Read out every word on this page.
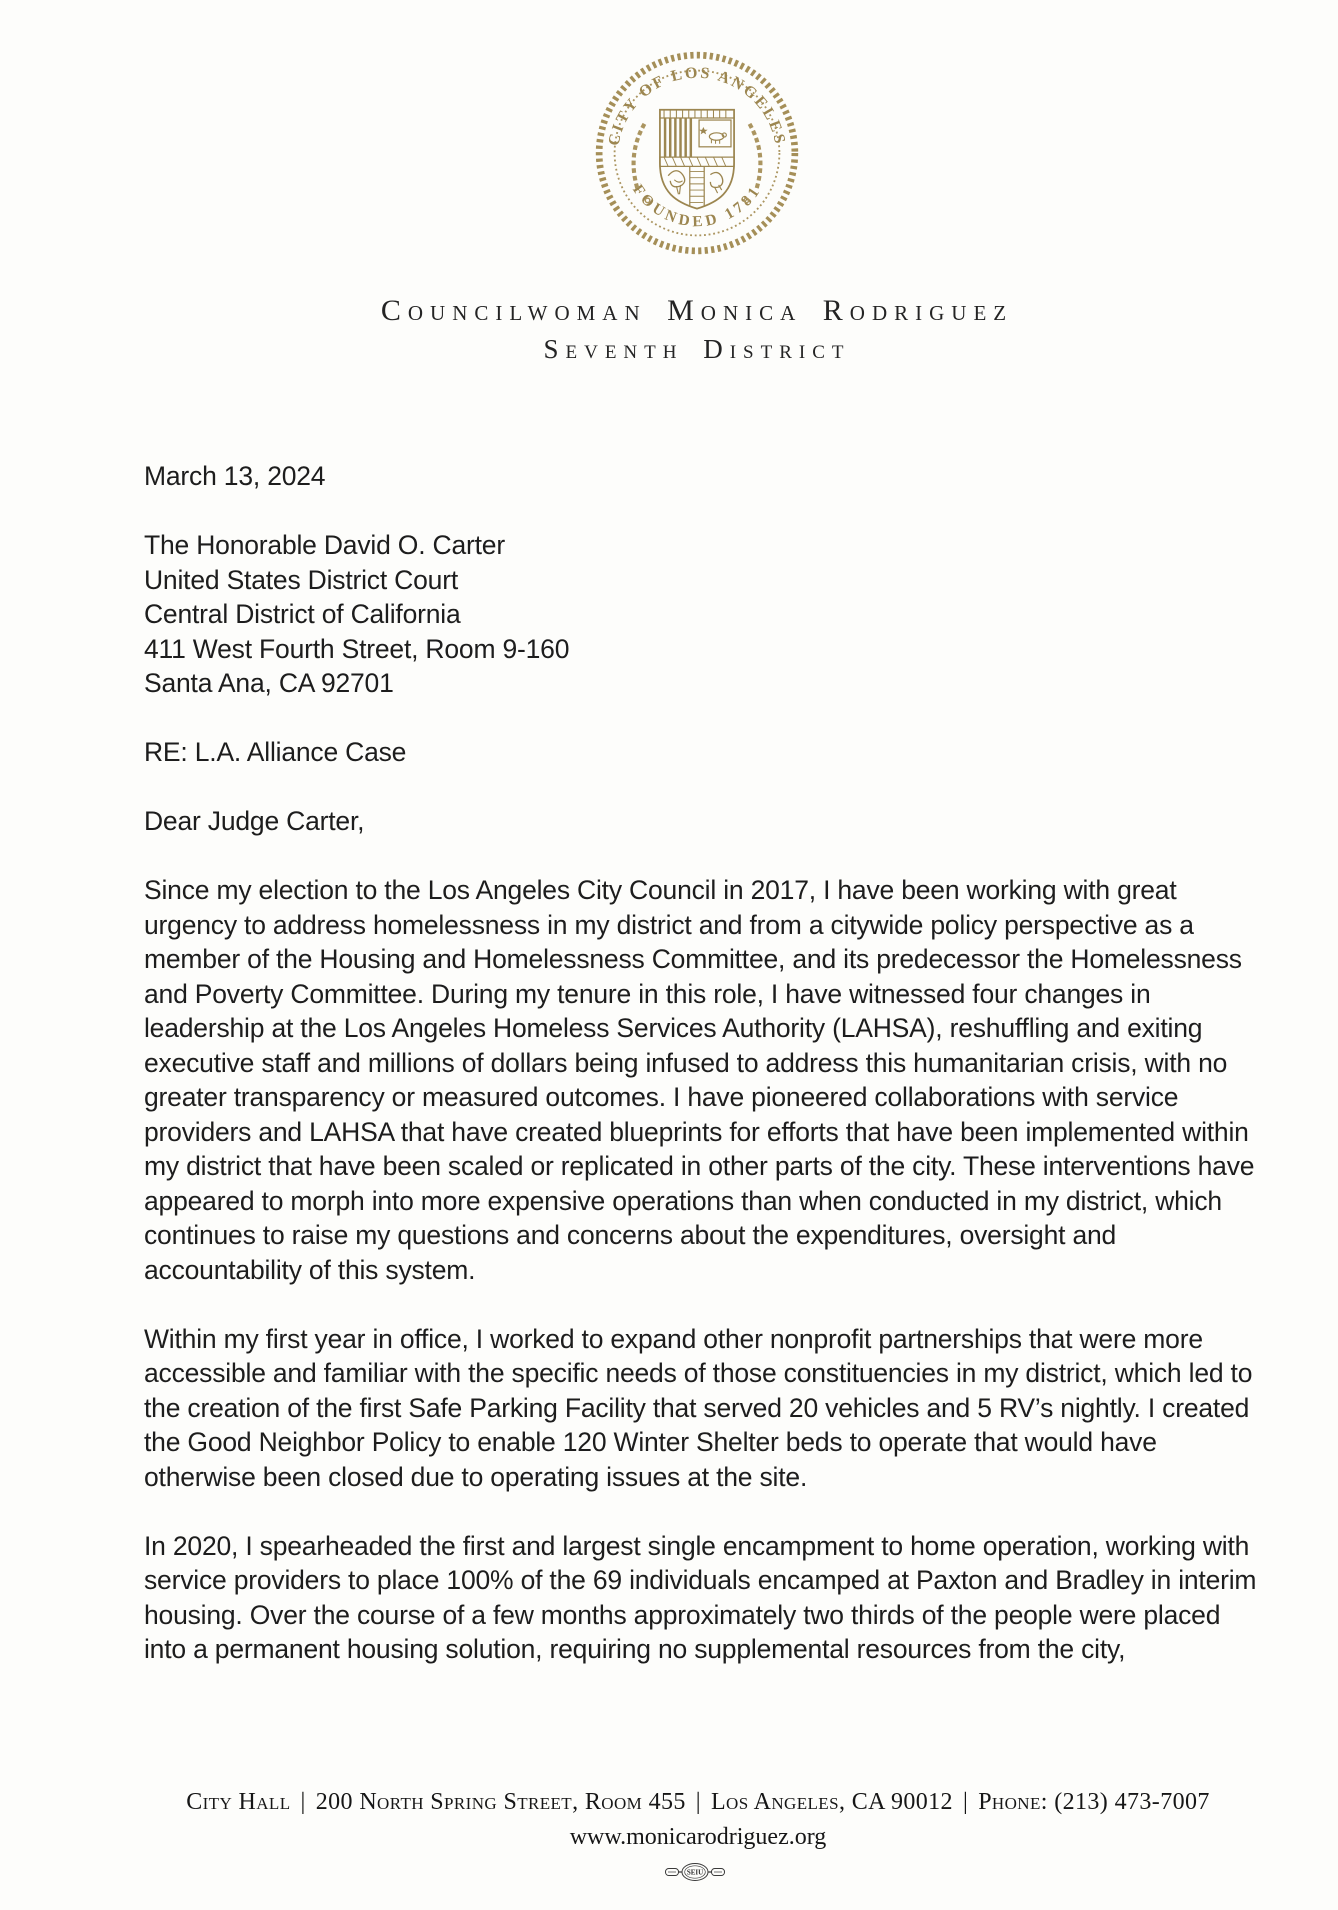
CITY OF LOS ANGELES
FOUNDED 1781
Councilwoman Monica Rodriguez
Seventh District
March 13, 2024
The Honorable David O. Carter
United States District Court
Central District of California
411 West Fourth Street, Room 9-160
Santa Ana, CA 92701
RE: L.A. Alliance Case
Dear Judge Carter,

Since my election to the Los Angeles City Council in 2017, I have been working with great urgency to address homelessness in my district and from a citywide policy perspective as a member of the Housing and Homelessness Committee, and its predecessor the Homelessness and Poverty Committee. During my tenure in this role, I have witnessed four changes in leadership at the Los Angeles Homeless Services Authority (LAHSA), reshuffling and exiting executive staff and millions of dollars being infused to address this humanitarian crisis, with no greater transparency or measured outcomes. I have pioneered collaborations with service providers and LAHSA that have created blueprints for efforts that have been implemented within my district that have been scaled or replicated in other parts of the city. These interventions have appeared to morph into more expensive operations than when conducted in my district, which continues to raise my questions and concerns about the expenditures, oversight and accountability of this system.

Within my first year in office, I worked to expand other nonprofit partnerships that were more accessible and familiar with the specific needs of those constituencies in my district, which led to the creation of the first Safe Parking Facility that served 20 vehicles and 5 RV’s nightly. I created the Good Neighbor Policy to enable 120 Winter Shelter beds to operate that would have otherwise been closed due to operating issues at the site.

In 2020, I spearheaded the first and largest single encampment to home operation, working with service providers to place 100% of the 69 individuals encamped at Paxton and Bradley in interim housing. Over the course of a few months approximately two thirds of the people were placed into a permanent housing solution, requiring no supplemental resources from the city,

City Hall | 200 North Spring Street, Room 455 | Los Angeles, CA 90012 | Phone: (213) 473-7007
www.monicarodriguez.org
SEIU
